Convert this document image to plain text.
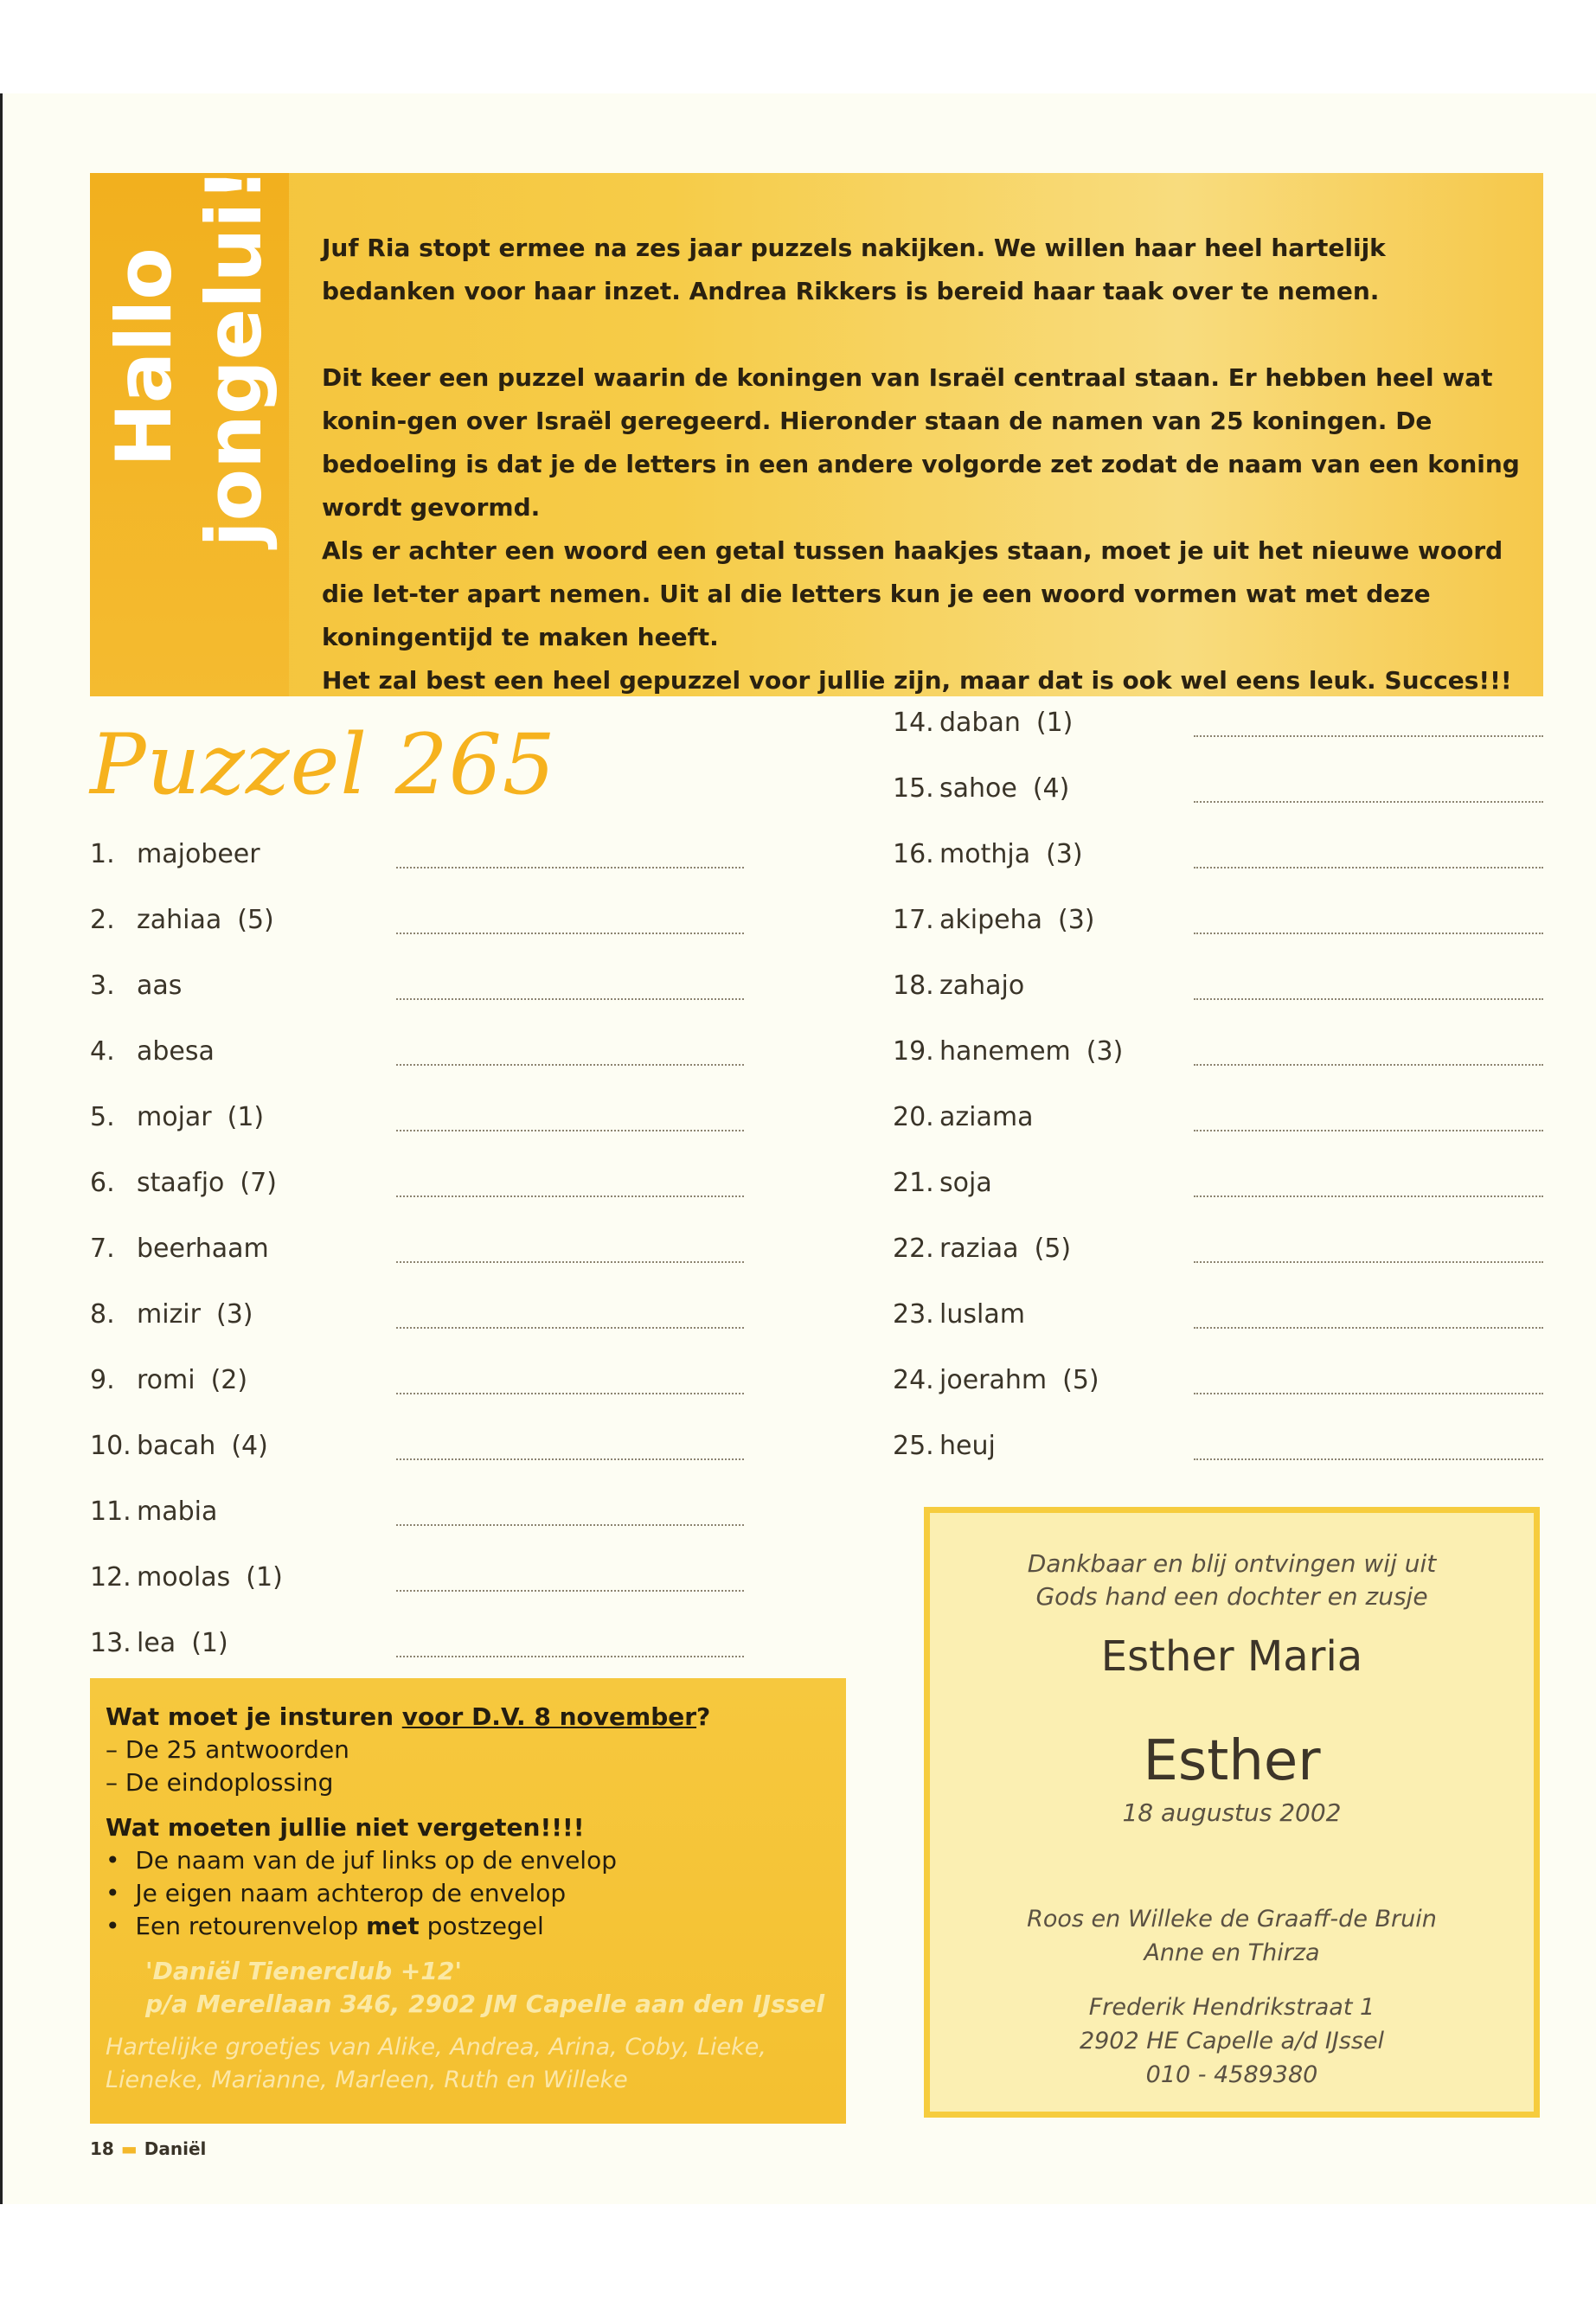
Hallo jongelui! Juf Ria stopt ermee na zes jaar puzzels nakijken. We willen haar heel hartelijk bedanken voor haar inzet. Andrea Rikkers is bereid haar taak over te nemen.

Dit keer een puzzel waarin de koningen van Israël centraal staan. Er hebben heel wat konin-gen over Israël geregeerd. Hieronder staan de namen van 25 koningen. De bedoeling is dat je de letters in een andere volgorde zet zodat de naam van een koning wordt gevormd.

Als er achter een woord een getal tussen haakjes staan, moet je uit het nieuwe woord die let-ter apart nemen. Uit al die letters kun je een woord vormen wat met deze koningentijd te maken heeft.

Het zal best een heel gepuzzel voor jullie zijn, maar dat is ook wel eens leuk. Succes!!!

Puzzel 265
1. majobeer
2. zahiaa (5)
3. aas
4. abesa
5. mojar (1)
6. staafjo (7)
7. beerhaam
8. mizir (3)
9. romi (2)
10. bacah (4)
11. mabia
12. moolas (1)
13. lea (1)
14. daban (1)
15. sahoe (4)
16. mothja (3)
17. akipeha (3)
18. zahajo
19. hanemem (3)
20. aziama
21. soja
22. raziaa (5)
23. luslam
24. joerahm (5)
25. heuj
Wat moet je insturen voor D.V. 8 november?
– De 25 antwoorden
– De eindoplossing
Wat moeten jullie niet vergeten!!!!
• De naam van de juf links op de envelop
• Je eigen naam achterop de envelop
• Een retourenvelop met postzegel
'Daniël Tienerclub +12'
p/a Merellaan 346, 2902 JM Capelle aan den IJssel
Hartelijke groetjes van Alike, Andrea, Arina, Coby, Lieke,
Lieneke, Marianne, Marleen, Ruth en Willeke
Dankbaar en blij ontvingen wij uit
Gods hand een dochter en zusje
Esther Maria
Esther
18 augustus 2002
Roos en Willeke de Graaff-de Bruin
Anne en Thirza
Frederik Hendrikstraat 1
2902 HE Capelle a/d IJssel
010 - 4589380
18 ▬ Daniël
